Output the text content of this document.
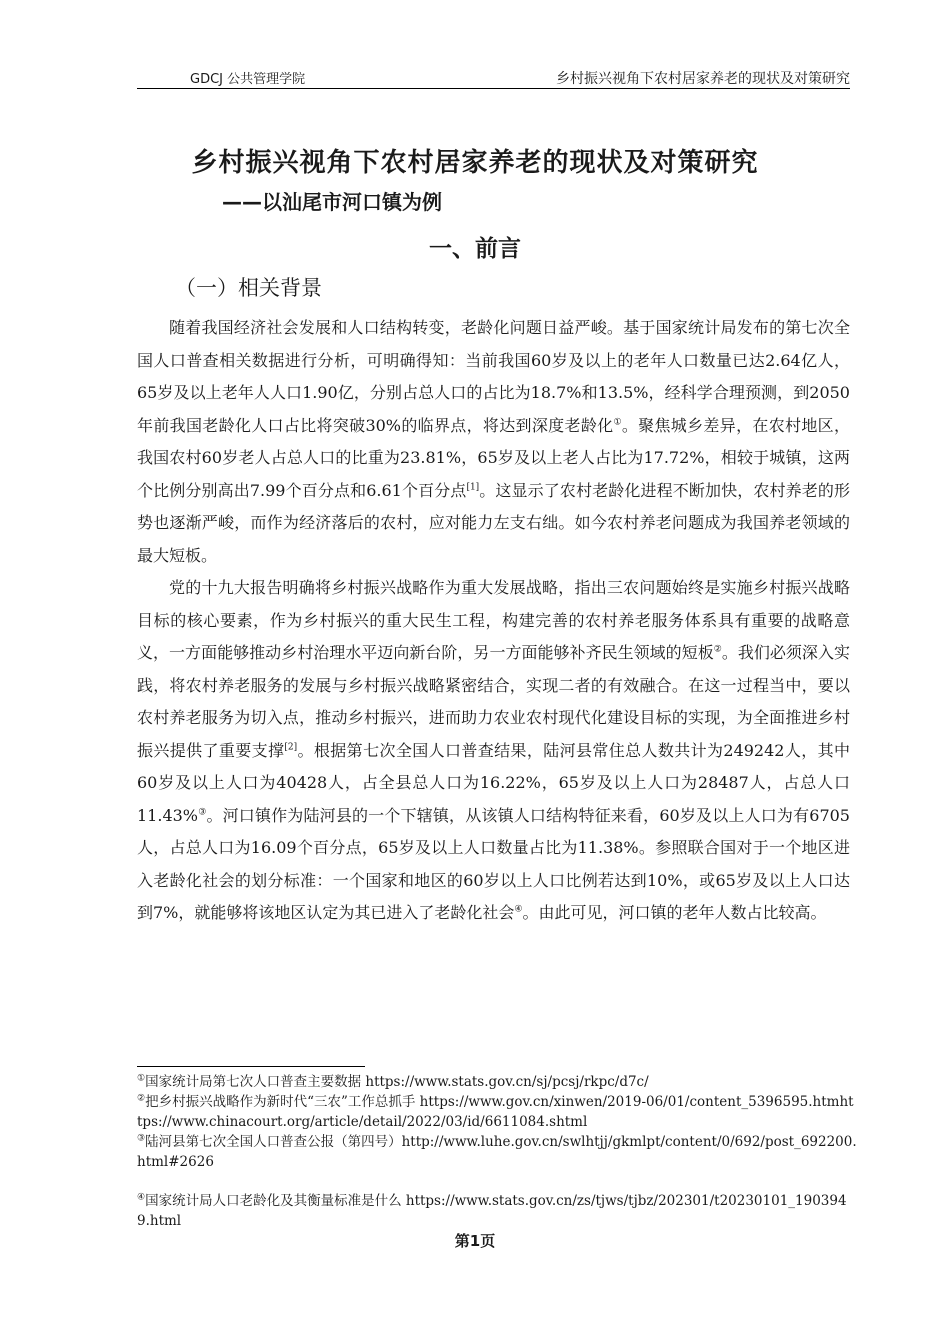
GDCJ 公共管理学院	乡村振兴视角下农村居家养老的现状及对策研究
乡村振兴视角下农村居家养老的现状及对策研究
——以汕尾市河口镇为例
一、前言
（一）相关背景

随着我国经济社会发展和人口结构转变，老龄化问题日益严峻。基于国家统计局发布的第七次全国人口普查相关数据进行分析，可明确得知：当前我国60岁及以上的老年人口数量已达2.64亿人，65岁及以上老年人人口1.90亿，分别占总人口的占比为18.7%和13.5%，经科学合理预测，到2050年前我国老龄化人口占比将突破30%的临界点，将达到深度老龄化①。聚焦城乡差异，在农村地区，我国农村60岁老人占总人口的比重为23.81%，65岁及以上老人占比为17.72%，相较于城镇，这两个比例分别高出7.99个百分点和6.61个百分点[1]。这显示了农村老龄化进程不断加快，农村养老的形势也逐渐严峻，而作为经济落后的农村，应对能力左支右绌。如今农村养老问题成为我国养老领域的最大短板。

党的十九大报告明确将乡村振兴战略作为重大发展战略，指出三农问题始终是实施乡村振兴战略目标的核心要素，作为乡村振兴的重大民生工程，构建完善的农村养老服务体系具有重要的战略意义，一方面能够推动乡村治理水平迈向新台阶，另一方面能够补齐民生领域的短板②。我们必须深入实践，将农村养老服务的发展与乡村振兴战略紧密结合，实现二者的有效融合。在这一过程当中，要以农村养老服务为切入点，推动乡村振兴，进而助力农业农村现代化建设目标的实现，为全面推进乡村振兴提供了重要支撑[2]。根据第七次全国人口普查结果，陆河县常住总人数共计为249242人，其中60岁及以上人口为40428人，占全县总人口为16.22%，65岁及以上人口为28487人，占总人口11.43%③。河口镇作为陆河县的一个下辖镇，从该镇人口结构特征来看，60岁及以上人口为有6705人，占总人口为16.09个百分点，65岁及以上人口数量占比为11.38%。参照联合国对于一个地区进入老龄化社会的划分标准：一个国家和地区的60岁以上人口比例若达到10%，或65岁及以上人口达到7%，就能够将该地区认定为其已进入了老龄化社会④。由此可见，河口镇的老年人数占比较高。

①国家统计局第七次人口普查主要数据 https://www.stats.gov.cn/sj/pcsj/rkpc/d7c/
②把乡村振兴战略作为新时代“三农”工作总抓手 https://www.gov.cn/xinwen/2019-06/01/content_5396595.htmhttps://www.chinacourt.org/article/detail/2022/03/id/6611084.shtml
③陆河县第七次全国人口普查公报（第四号）http://www.luhe.gov.cn/swlhtjj/gkmlpt/content/0/692/post_692200.html#2626
④国家统计局人口老龄化及其衡量标准是什么 https://www.stats.gov.cn/zs/tjws/tjbz/202301/t20230101_1903949.html
第1页
